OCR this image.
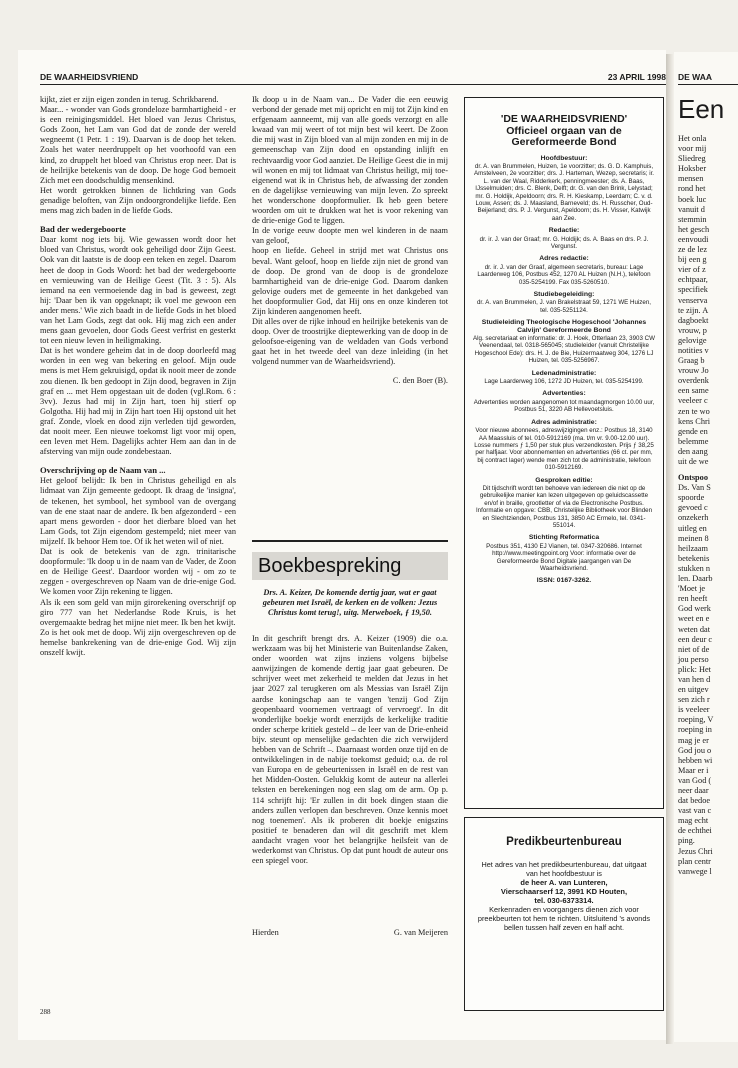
DE WAARHEIDSVRIEND	23 APRIL 1998

kijkt, ziet er zijn eigen zonden in terug. Schrikbarend.

Maar... - wonder van Gods grondeloze barmhartigheid - er is een reinigingsmiddel. Het bloed van Jezus Christus, Gods Zoon, het Lam van God dat de zonde der wereld wegneemt (1 Petr. 1 : 19). Daarvan is de doop het teken. Zoals het water neerdruppelt op het voorhoofd van een kind, zo druppelt het bloed van Christus erop neer. Dat is de heilrijke betekenis van de doop. De hoge God bemoeit Zich met een doodschuldig mensenkind.

Het wordt getrokken binnen de lichtkring van Gods genadige beloften, van Zijn ondoorgrondelijke liefde. Een mens mag zich baden in de liefde Gods.

Bad der wedergeboorte

Daar komt nog iets bij. Wie gewassen wordt door het bloed van Christus, wordt ook geheiligd door Zijn Geest. Ook van dit laatste is de doop een teken en zegel. Daarom heet de doop in Gods Woord: het bad der wedergeboorte en vernieuwing van de Heilige Geest (Tit. 3 : 5). Als iemand na een vermoeiende dag in bad is geweest, zegt hij: 'Daar ben ik van opgeknapt; ik voel me gewoon een ander mens.' Wie zich baadt in de liefde Gods in het bloed van het Lam Gods, zegt dat ook. Hij mag zich een ander mens gaan gevoelen, door Gods Geest verfrist en gesterkt tot een nieuw leven in heiligmaking.

Dat is het wondere geheim dat in de doop doorleefd mag worden in een weg van bekering en geloof. Mijn oude mens is met Hem gekruisigd, opdat ik nooit meer de zonde zou dienen. Ik ben gedoopt in Zijn dood, begraven in Zijn graf en ... met Hem opgestaan uit de doden (vgl.Rom. 6 : 3vv). Jezus had mij in Zijn hart, toen hij stierf op Golgotha. Hij had mij in Zijn hart toen Hij opstond uit het graf. Zonde, vloek en dood zijn verleden tijd geworden, dat nooit meer. Een nieuwe toekomst ligt voor mij open, een leven met Hem. Dagelijks achter Hem aan dan in de afsterving van mijn oude zondebestaan.

Overschrijving op de Naam van ...

Het geloof belijdt: Ik ben in Christus geheiligd en als lidmaat van Zijn gemeente gedoopt. Ik draag de 'insigna', de tekenen, het symbool, het symbool van de overgang van de ene staat naar de andere. Ik ben afgezonderd - een apart mens geworden - door het dierbare bloed van het Lam Gods, tot Zijn eigendom gestempeld; niet meer van mijzelf. Ik behoor Hem toe. Of ik het weten wil of niet.

Dat is ook de betekenis van de zgn. trinitarische doopformule: 'Ik doop u in de naam van de Vader, de Zoon en de Heilige Geest'. Daardoor worden wij - om zo te zeggen - overgeschreven op Naam van de drie-enige God. We komen voor Zijn rekening te liggen.

Als ik een som geld van mijn girorekening overschrijf op giro 777 van het Nederlandse Rode Kruis, is het overgemaakte bedrag het mijne niet meer. Ik ben het kwijt.

Zo is het ook met de doop. Wij zijn overgeschreven op de hemelse bankrekening van de drie-enige God. Wij zijn onszelf kwijt.

Ik doop u in de Naam van... De Vader die een eeuwig verbond der genade met mij opricht en mij tot Zijn kind en erfgenaam aanneemt, mij van alle goeds verzorgt en alle kwaad van mij weert of tot mijn best wil keert. De Zoon die mij wast in Zijn bloed van al mijn zonden en mij in de gemeenschap van Zijn dood en opstanding inlijft en rechtvaardig voor God aanziet. De Heilige Geest die in mij wil wonen en mij tot lidmaat van Christus heiligt, mij toe-eigenend wat ik in Christus heb, de afwassing der zonden en de dagelijkse vernieuwing van mijn leven. Zo spreekt het wonderschone doopformulier. Ik heb geen betere woorden om uit te drukken wat het is voor rekening van de drie-enige God te liggen.

In de vorige eeuw doopte men wel kinderen in de naam van geloof,

hoop en liefde. Geheel in strijd met wat Christus ons beval. Want geloof, hoop en liefde zijn niet de grond van de doop. De grond van de doop is de grondeloze barmhartigheid van de drie-enige God. Daarom danken gelovige ouders met de gemeente in het dankgebed van het doopformulier God, dat Hij ons en onze kinderen tot Zijn kinderen aangenomen heeft.

Dit alles over de rijke inhoud en heilrijke betekenis van de doop. Over de troostrijke dieptewerking van de doop in de geloofsoe-eigening van de weldaden van Gods verbond gaat het in het tweede deel van deze inleiding (in het volgend nummer van de Waarheidsvriend).

C. den Boer (B).

Boekbespreking
Drs. A. Keizer, De komende dertig jaar, wat er gaat gebeuren met Israël, de kerken en de volken: Jezus Christus komt terug!, uitg. Merweboek, ƒ 19,50.

In dit geschrift brengt drs. A. Keizer (1909) die o.a. werkzaam was bij het Ministerie van Buitenlandse Zaken, onder woorden wat zijns inziens volgens bijbelse aanwijzingen de komende dertig jaar gaat gebeuren. De schrijver weet met zekerheid te melden dat Jezus in het jaar 2027 zal terugkeren om als Messias van Israël Zijn aardse koningschap aan te vangen 'tenzij God Zijn geopenbaard voornemen vertraagt of vervroegt'. In dit wonderlijke boekje wordt enerzijds de kerkelijke traditie onder scherpe kritiek gesteld – de leer van de Drie-enheid bijv. steunt op menselijke gedachten die zich verwijderd hebben van de Schrift –. Daarnaast worden onze tijd en de ontwikkelingen in de nabije toekomst geduid; o.a. de rol van Europa en de gebeurtenissen in Israël en de rest van het Midden-Oosten. Gelukkig komt de auteur na allerlei teksten en berekeningen nog een slag om de arm. Op p. 114 schrijft hij: 'Er zullen in dit boek dingen staan die anders zullen verlopen dan beschreven. Onze kennis moet nog toenemen'. Als ik proberen dit boekje enigszins positief te benaderen dan wil dit geschrift met klem aandacht vragen voor het belangrijke heilsfeit van de wederkomst van Christus. Op dat punt houdt de auteur ons een spiegel voor.

Hierden	G. van Meijeren
'DE WAARHEIDSVRIEND'
Officieel orgaan van de Gereformeerde Bond
Hoofdbestuur:
dr. A. van Brummelen, Huizen, 1e voorzitter; ds. G. D. Kamphuis, Amstelveen, 2e voorzitter; drs. J. Harteman, Wezep, secretaris; ir. L. van der Waal, Ridderkerk, penningmeester; ds. A. Baas, IJsselmuiden; drs. C. Blenk, Delft; dr. G. van den Brink, Lelystad; mr. G. Holdijk, Apeldoorn; drs. R. H. Kieskamp, Leerdam; C. v. d. Louw, Assen; ds. J. Maasland, Barneveld; ds. H. Russcher, Oud-Beijerland; drs. P. J. Vergunst, Apeldoorn; ds. H. Visser, Katwijk aan Zee.
Redactie:
dr. ir. J. van der Graaf; mr. G. Holdijk; ds. A. Baas en drs. P. J. Vergunst.
Adres redactie:
dr. ir. J. van der Graaf, algemeen secretaris, bureau: Lage Laarderweg 106, Postbus 452, 1270 AL Huizen (N.H.), telefoon 035-5254199. Fax 035-5260510.
Studiebegeleiding:
dr. A. van Brummelen, J. van Brakelstraat 59, 1271 WE Huizen, tel. 035-5251124.
Studieleiding Theologische Hogeschool 'Johannes Calvijn' Gereformeerde Bond
Alg. secretariaat en informatie: dr. J. Hoek, Otterlaan 23, 3903 CW Veenendaal, tel. 0318-565045; studieleider (vanuit Christelijke Hogeschool Ede): drs. H. J. de Bie, Huizermaatweg 304, 1276 LJ Huizen, tel. 035-5256967.
Ledenadministratie:
Lage Laarderweg 106, 1272 JD Huizen, tel. 035-5254199.
Advertenties:
Advertenties worden aangenomen tot maandagmorgen 10.00 uur, Postbus 51, 3220 AB Hellevoetsluis.
Adres administratie:
Voor nieuwe abonnees, adreswijzigingen enz.: Postbus 18, 3140 AA Maassluis of tel. 010-5912169 (ma. t/m vr. 9.00-12.00 uur). Losse nummers ƒ 1,50 per stuk plus verzendkosten. Prijs ƒ 38,25 per halfjaar. Voor abonnementen en advertenties (66 ct. per mm, bij contract lager) wende men zich tot de administratie, telefoon 010-5912169.
Gesproken editie:
Dit tijdschrift wordt ten behoeve van iedereen die niet op de gebruikelijke manier kan lezen uitgegeven op geluidscassette en/of in braille, grootletter of via de Electronische Postbus. Informatie en opgave: CBB, Christelijke Bibliotheek voor Blinden en Slechtzienden, Postbus 131, 3850 AC Ermelo, tel. 0341-551014.
Stichting Reformatica
Postbus 351, 4130 EJ Vianen, tel. 0347-320686. Internet http://www.meetingpoint.org Voor: informatie over de Gereformeerde Bond Digitale jaargangen van De Waarheidsvriend.
ISSN: 0167-3262.
Predikbeurtenbureau
Het adres van het predikbeurtenbureau, dat uitgaat van het hoofdbestuur is
de heer A. van Lunteren,
Vierschaarserf 12, 3991 KD Houten,
tel. 030-6373314.
Kerkenraden en voorgangers dienen zich voor preekbeurten tot hem te richten. Uitsluitend 's avonds bellen tussen half zeven en half acht.
288
DE WAA
Een
Het onla
voor mij
Sliedreg
Hoksber
mensen
rond het
boek luc
vanuit d
stemmin
het gesch
eenvoudi
ze de lez
bij een g
vier of z
echtpaar,
specifiek
venserva
te zijn. A
dagboekt
vrouw, p
gelovige
notities v
Graag b
vrouw Jo
overdenk
een same
veeleer c
zen te wo
kens Chri
gende en
belemme
den aang
uit de we
Ontspoo
Ds. Van S
spoorde
gevoed c
onzekerh
uitleg en
meinen 8
heilzaam
betekenis
stukken n
len. Daarb
'Moet je
ren heeft
God werk
weet en e
weten dat
een deur c
niet of de
jou perso
plick: Het
van hen d
en uitgev
sen zich r
is veeleer
roeping, V
roeping in
mag je er
God jou o
hebben wi
Maar er i
van God (
neer daar
dat bedoe
vast van c
mag echt
de echthei
ping.
Jezus Chri
plan centr
vanwege l
